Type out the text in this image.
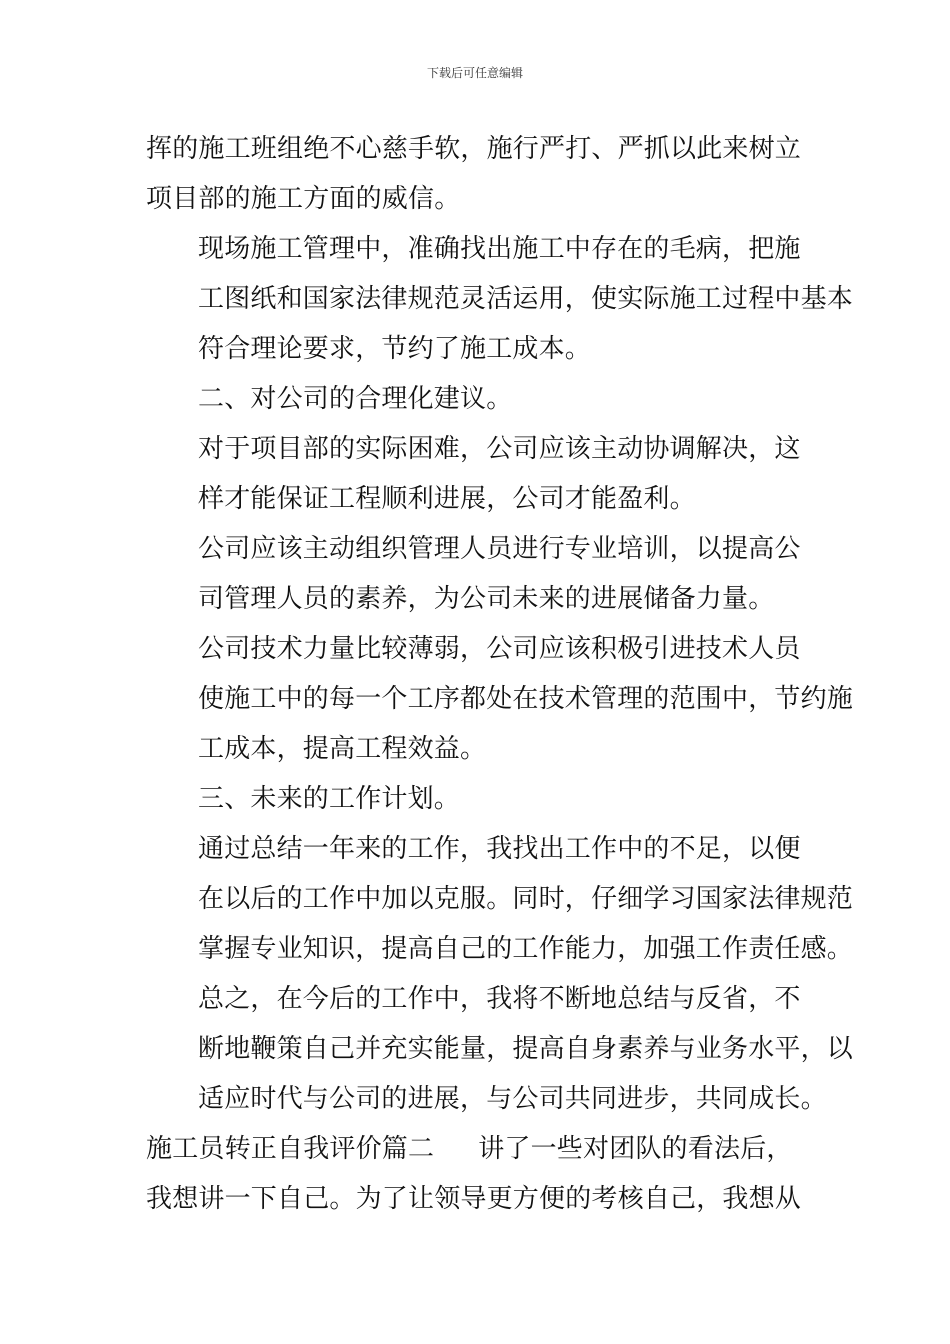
下载后可任意编辑

挥的施工班组绝不心慈手软，施行严打、严抓以此来树立
项目部的施工方面的威信。

现场施工管理中，准确找出施工中存在的毛病，把施
工图纸和国家法律规范灵活运用，使实际施工过程中基本
符合理论要求，节约了施工成本。

二、对公司的合理化建议。

对于项目部的实际困难，公司应该主动协调解决，这
样才能保证工程顺利进展，公司才能盈利。

公司应该主动组织管理人员进行专业培训，以提高公
司管理人员的素养，为公司未来的进展储备力量。

公司技术力量比较薄弱，公司应该积极引进技术人员
使施工中的每一个工序都处在技术管理的范围中，节约施
工成本，提高工程效益。

三、未来的工作计划。

通过总结一年来的工作，我找出工作中的不足，以便
在以后的工作中加以克服。同时，仔细学习国家法律规范
掌握专业知识，提高自己的工作能力，加强工作责任感。

总之，在今后的工作中，我将不断地总结与反省，不
断地鞭策自己并充实能量，提高自身素养与业务水平，以
适应时代与公司的进展，与公司共同进步，共同成长。

施工员转正自我评价篇二 讲了一些对团队的看法后，
我想讲一下自己。为了让领导更方便的考核自己，我想从
